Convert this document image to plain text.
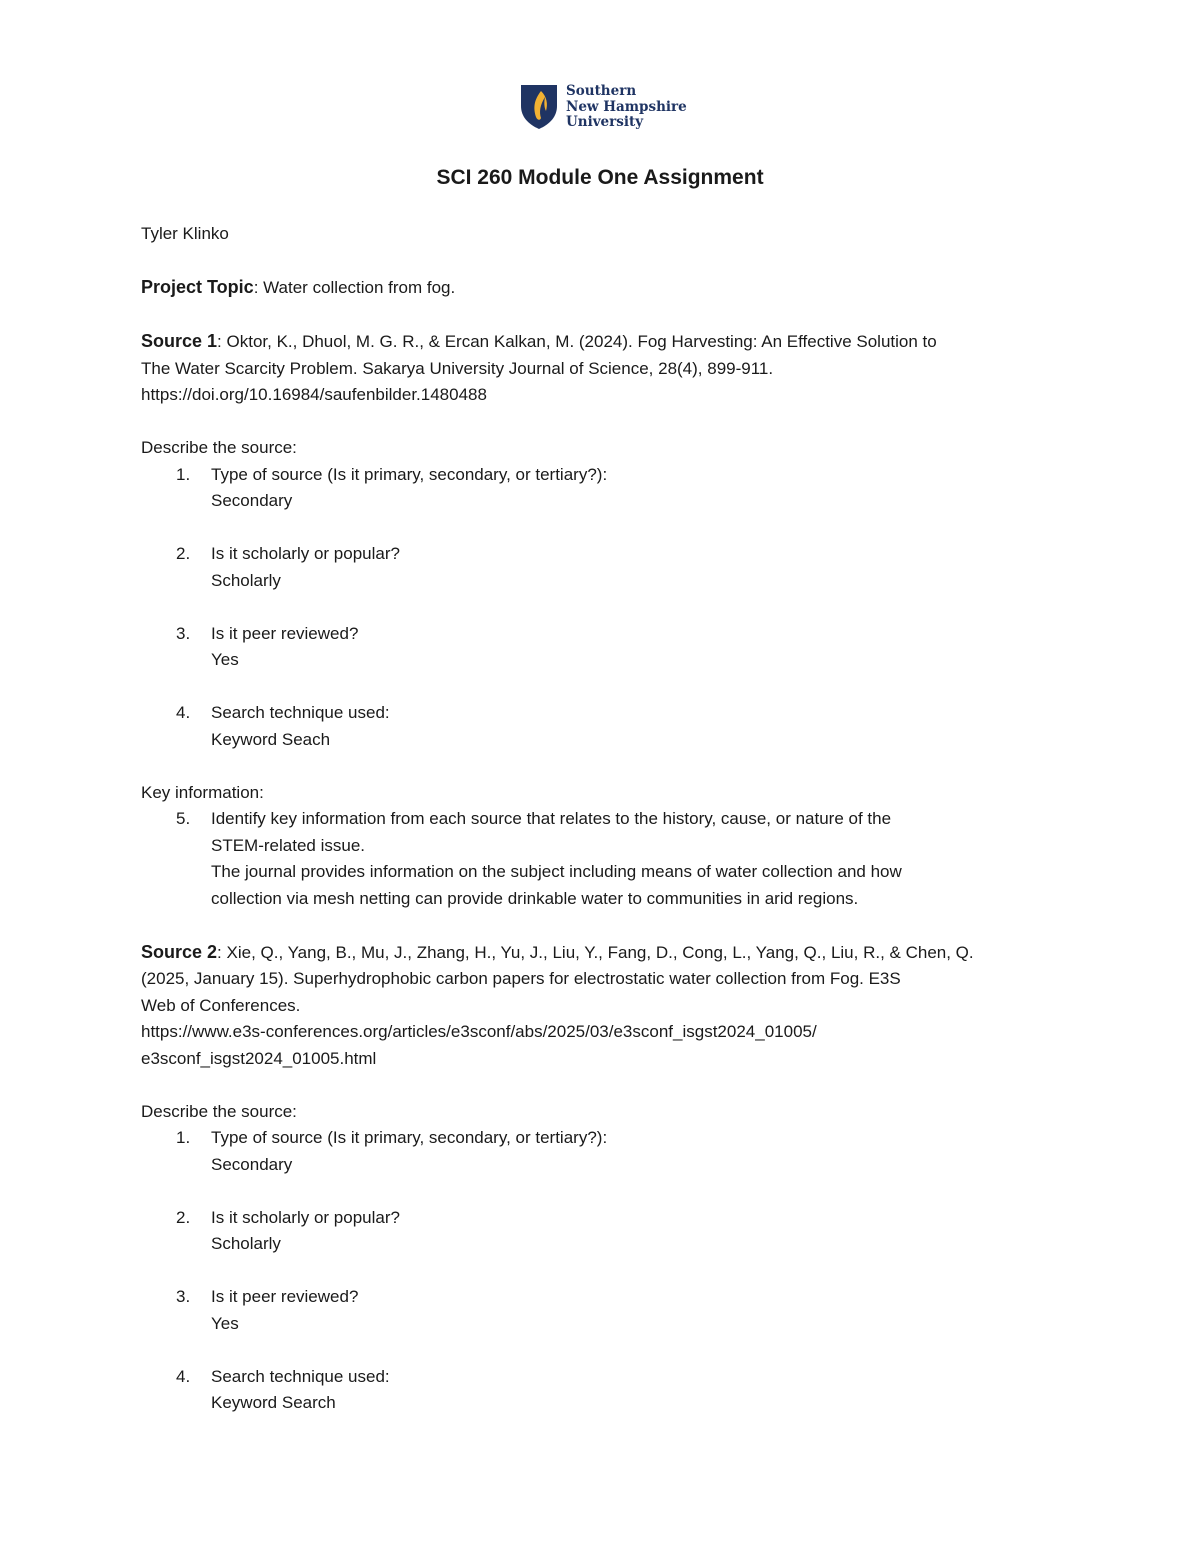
Southern
New Hampshire
University
SCI 260 Module One Assignment

Tyler Klinko

Project Topic: Water collection from fog.

Source 1: Oktor, K., Dhuol, M. G. R., & Ercan Kalkan, M. (2024). Fog Harvesting: An Effective Solution to

The Water Scarcity Problem. Sakarya University Journal of Science, 28(4), 899-911.

https://doi.org/10.16984/saufenbilder.1480488

Describe the source:

1. Type of source (Is it primary, secondary, or tertiary?):
Secondary
2. Is it scholarly or popular?
Scholarly
3. Is it peer reviewed?
Yes
4. Search technique used:
Keyword Seach

Key information:

5. Identify key information from each source that relates to the history, cause, or nature of the
STEM-related issue.
The journal provides information on the subject including means of water collection and how
collection via mesh netting can provide drinkable water to communities in arid regions.

Source 2: Xie, Q., Yang, B., Mu, J., Zhang, H., Yu, J., Liu, Y., Fang, D., Cong, L., Yang, Q., Liu, R., & Chen, Q.

(2025, January 15). Superhydrophobic carbon papers for electrostatic water collection from Fog. E3S

Web of Conferences.

https://www.e3s-conferences.org/articles/e3sconf/abs/2025/03/e3sconf_isgst2024_01005/

e3sconf_isgst2024_01005.html

Describe the source:

1. Type of source (Is it primary, secondary, or tertiary?):
Secondary
2. Is it scholarly or popular?
Scholarly
3. Is it peer reviewed?
Yes
4. Search technique used:
Keyword Search
